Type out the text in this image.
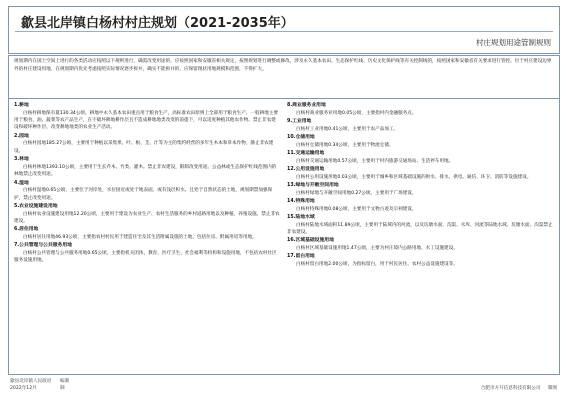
歙县北岸镇白杨村村庄规划（2021-2035年）
村庄规划用途管制规则
规划期内在国土空间上进行的各类活动应按照以下规则进行，确需改变用途的，应按照国家和安徽省相关规定，按照规划进行调整或修改。涉及永久基本农田、生态保护红线、历史文化保护线等有关控制线的，按照国家和安徽省有关要求进行管控。位于村庄建设边界外的村庄建设用地，在规划期内优先考虑按照实际情况逐步拆并，确实不能拆并的，应保留现状用地规模和范围，不得扩大。
1.耕地
白杨村耕地保有量130.34公顷。耕地中永久基本农田重点用于粮食生产，高标准农田原则上全部用于粮食生产。一般耕地主要用于粮食、油、蔬菜等农产品生产，在不破坏耕地耕作层且不造成耕地地类改变的前提下，可以适度种植其他农作物。禁止非农建设和破坏种作层、改变耕地地类的农业生产活动。
2.园地
白杨村园地185.27公顷，主要用于种植以采集果、叶、根、茎、汁等为主的集约经营的多年生木本和草本作物，静止非农建设。
3.林地
白杨村林地1393.10公顷，主要用于生长乔木、竹类、灌木。禁止非农建设，限制改变用途。公益林或生态保护红线范围内的林地禁止改变用途。
4.湿地
白杨村湿地0.65公顷，主要位于河岸处，水位接近或处于地表面，或有浅层积水，且处于自然状态的土地，规划期禁加强保护，禁止改变用途。
5.农业设施建设用地
白杨村农业设施建设用地12.20公顷，主要用于建设为农业生产、农村生活服务的乡村道路用地以及种植、养殖设施。禁止非农建设。
6.居住用地
白杨村居住用地46.93公顷，主要指农村村民用于建造住宅及其生活附属设施的土地，包括住房、附属用房等用地。
7.公共管理与公共服务用地
白杨村公共管理与公共服务用地0.65公顷，主要指机关团体、教育、医疗卫生、社会福利等机构和设施用地，不包括农村社区服务设施用地。
8.商业服务业用地
白杨村商业服务业用地0.05公顷，主要指村内金融服务点。
9.工业用地
白杨村工业用地0.41公顷，主要用于农产品加工。
10.仓储用地
白杨村仓储用地0.34公顷，主要用于物流仓储。
11.交通运输用地
白杨村交通运输用地0.57公顷，主要用于村内旅游交通场站、生活停车用地。
12.公用设施用地
白杨村公用设施用地0.03公顷，主要用于城乡和区域基础设施的供水、排水、供电、通信、环卫、消防等设施建设。
13.绿地与开敞空间用地
白杨村绿地与开敞空间用地0.27公顷，主要用于广场建设。
14.特殊用地
白杨村特殊用地0.08公顷，主要用于文物古迹及宗祠建设。
15.陆地水域
白杨村陆地水域面积11.89公顷，主要用于陆域内的河流，以及坑塘水面、沟渠、水库、河流等陆地水域。坑塘水面、沟渠禁止非农建设。
16.区域基础设施用地
白杨村区域基础设施用地1.47公顷，主要为村庄境内公路用地、水工设施建设。
17.留白用地
白杨村留白用地2.00公顷，为指标留白，用于村民居住、农村公益设施建设等。
歙县北岸镇人民政府
2022年12月
编制
制	合肥市方升信息科技有限公司 制图
